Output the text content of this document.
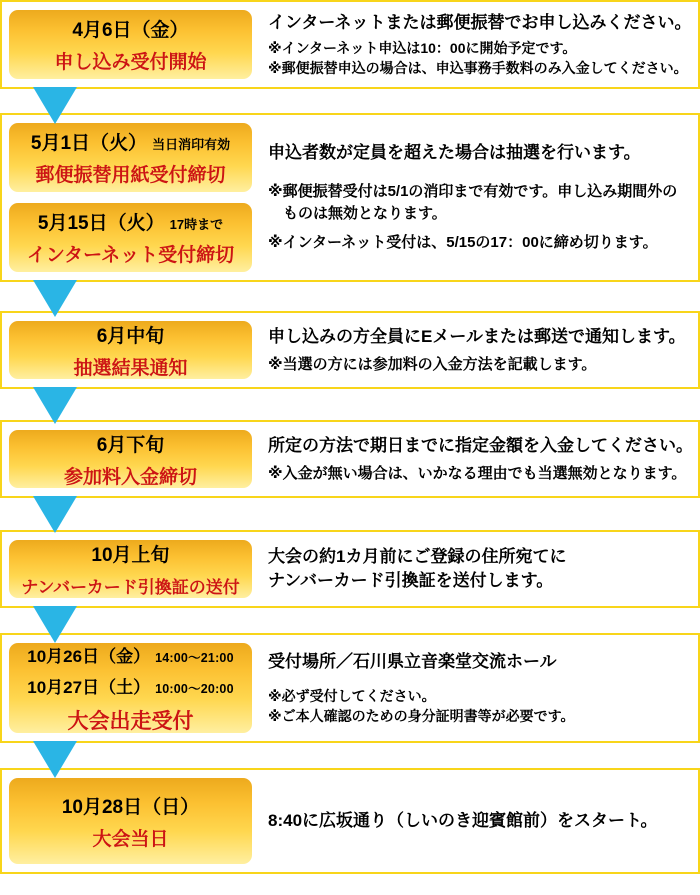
4月6日（金）
申し込み受付開始
インターネットまたは郵便振替でお申し込みください。
※インターネット申込は10：00に開始予定です。
※郵便振替申込の場合は、申込事務手数料のみ入金してください。
5月1日（火） 当日消印有効
郵便振替用紙受付締切
5月15日（火） 17時まで
インターネット受付締切
申込者数が定員を超えた場合は抽選を行います。
※郵便振替受付は5/1の消印まで有効です。申し込み期間外の
ものは無効となります。
※インターネット受付は、5/15の17：00に締め切ります。
6月中旬
抽選結果通知
申し込みの方全員にEメールまたは郵送で通知します。
※当選の方には参加料の入金方法を記載します。
6月下旬
参加料入金締切
所定の方法で期日までに指定金額を入金してください。
※入金が無い場合は、いかなる理由でも当選無効となります。
10月上旬
ナンバーカード引換証の送付
大会の約1カ月前にご登録の住所宛てに
ナンバーカード引換証を送付します。
10月26日（金） 14:00～21:00
10月27日（土） 10:00～20:00
大会出走受付
受付場所／石川県立音楽堂交流ホール
※必ず受付してください。
※ご本人確認のための身分証明書等が必要です。
10月28日（日）
大会当日
8:40に広坂通り（しいのき迎賓館前）をスタート。
